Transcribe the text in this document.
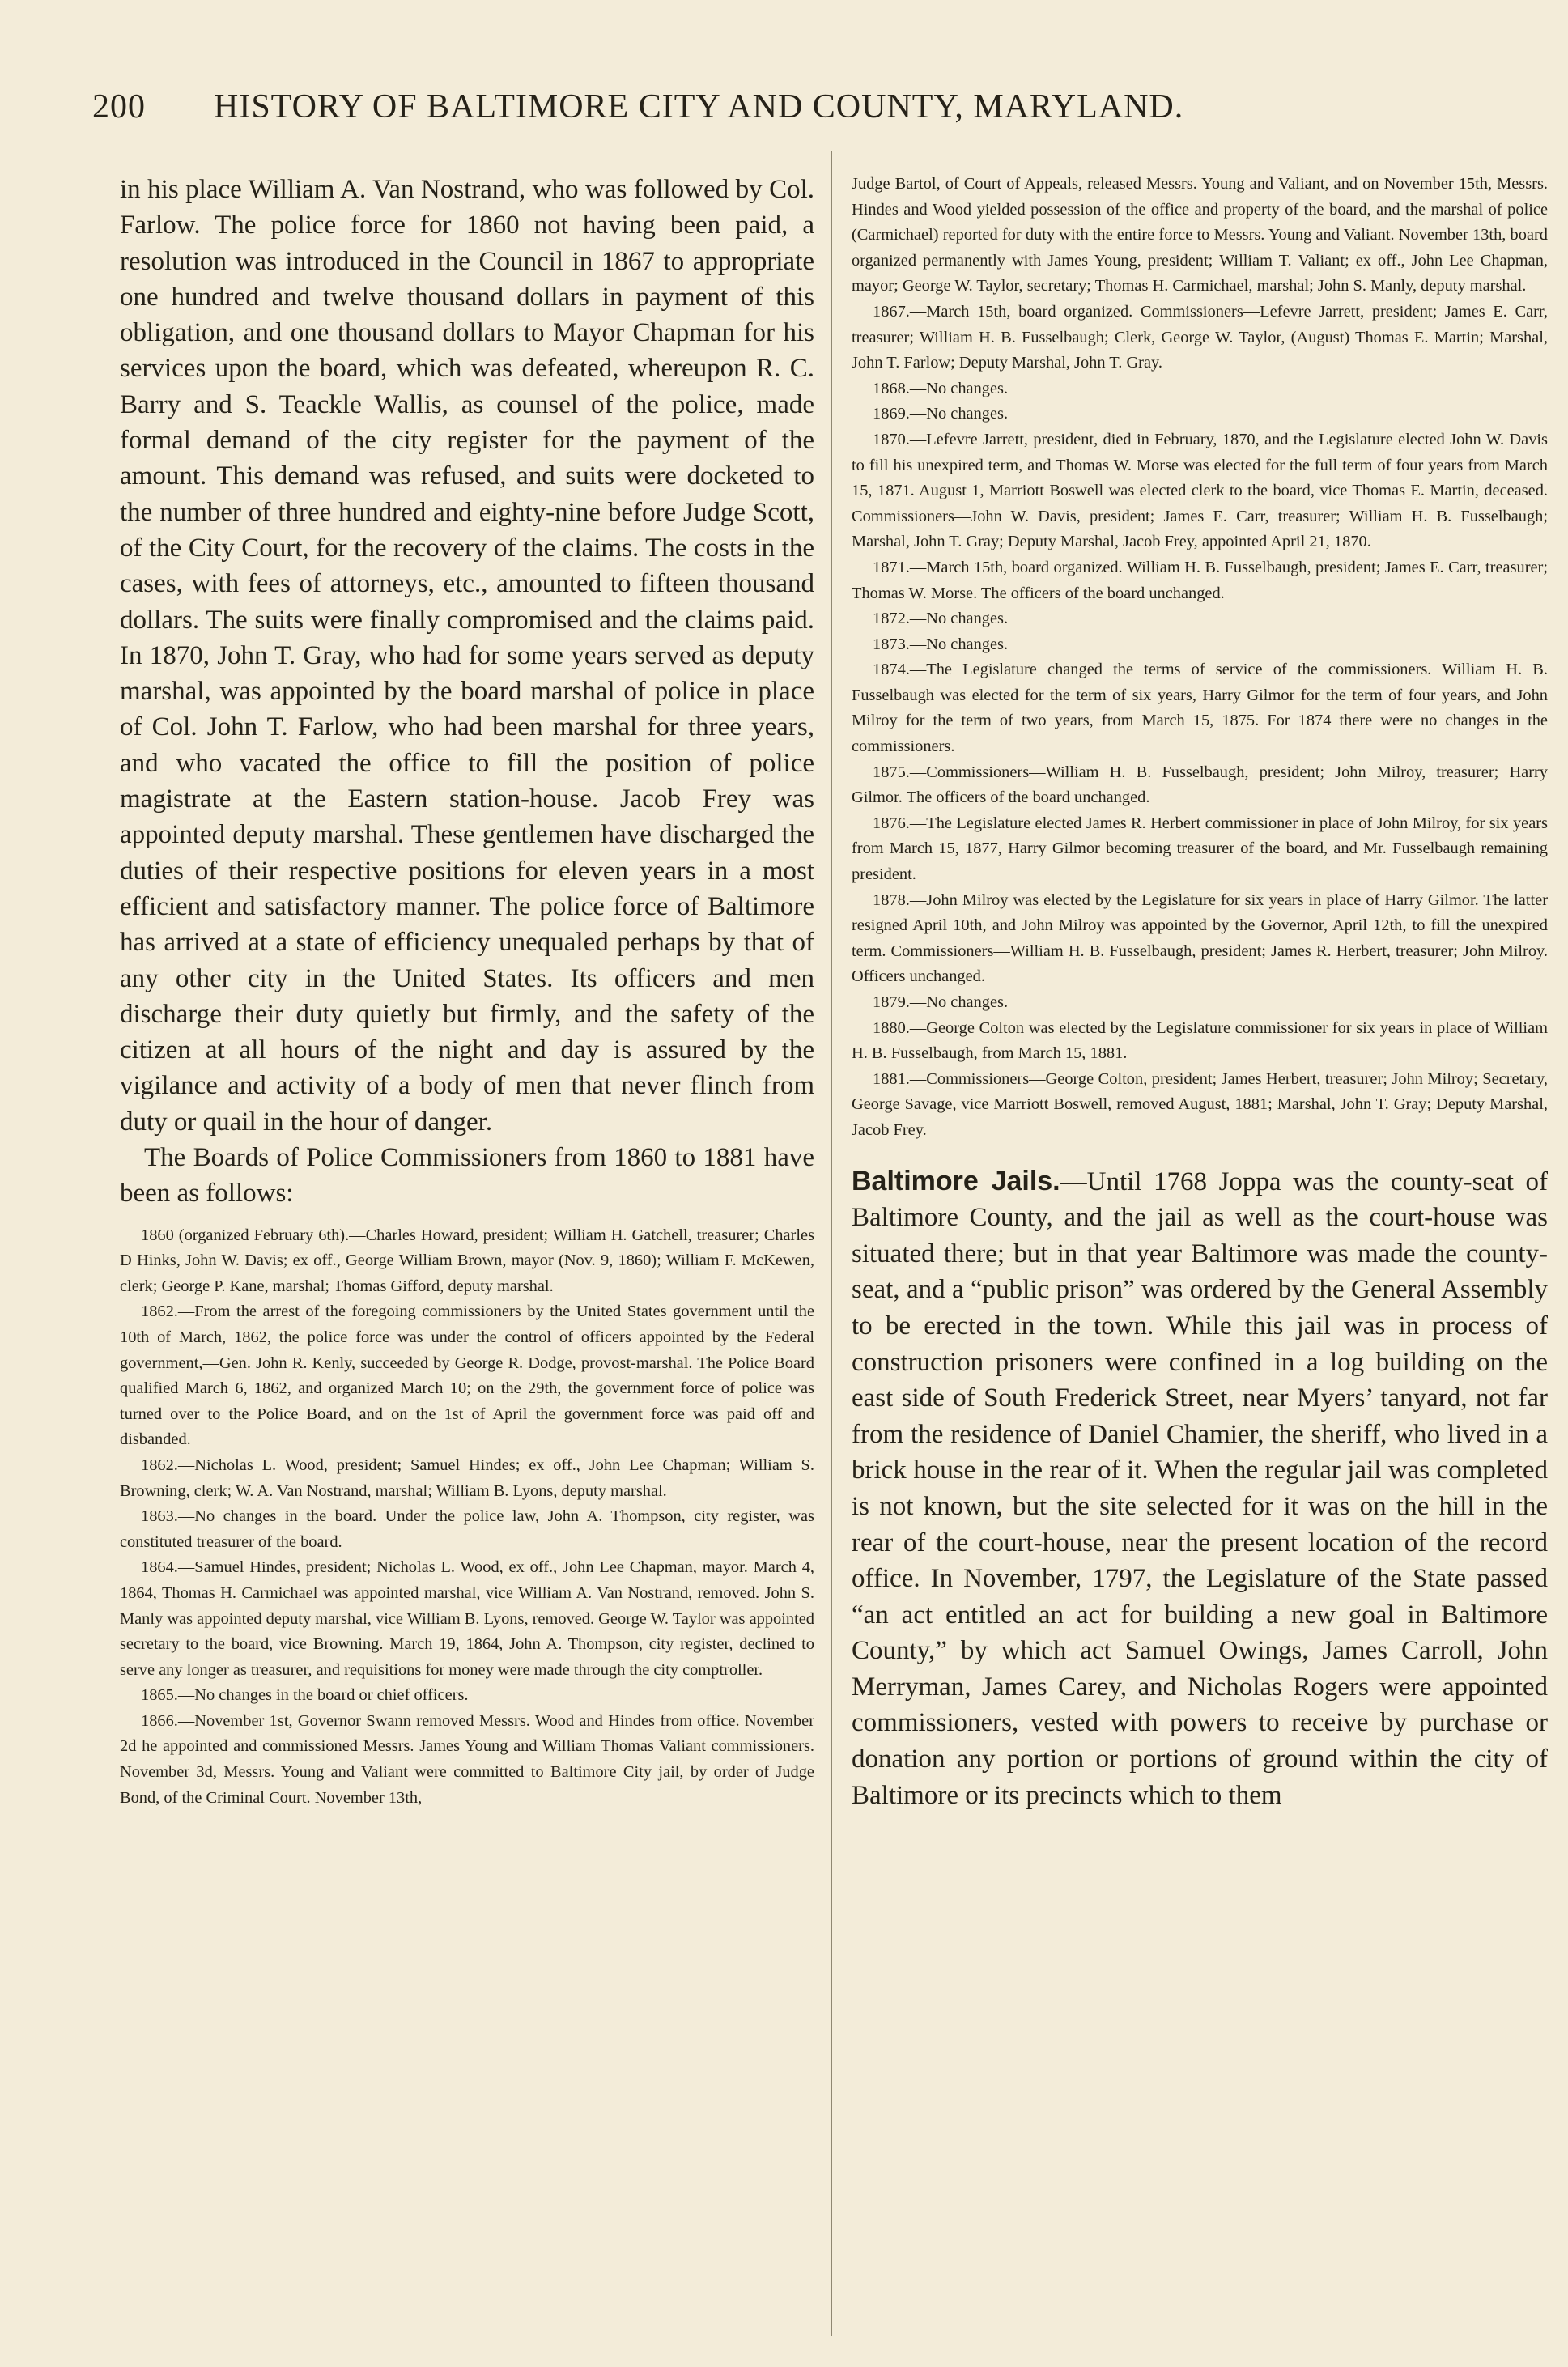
200 HISTORY OF BALTIMORE CITY AND COUNTY, MARYLAND.

in his place William A. Van Nostrand, who was followed by Col. Farlow. The police force for 1860 not having been paid, a resolution was introduced in the Council in 1867 to appropriate one hundred and twelve thousand dollars in payment of this obligation, and one thousand dollars to Mayor Chapman for his services upon the board, which was defeated, whereupon R. C. Barry and S. Teackle Wallis, as counsel of the police, made formal demand of the city register for the payment of the amount. This demand was refused, and suits were docketed to the number of three hundred and eighty-nine before Judge Scott, of the City Court, for the recovery of the claims. The costs in the cases, with fees of attorneys, etc., amounted to fifteen thousand dollars. The suits were finally compromised and the claims paid. In 1870, John T. Gray, who had for some years served as deputy marshal, was appointed by the board marshal of police in place of Col. John T. Farlow, who had been marshal for three years, and who vacated the office to fill the position of police magistrate at the Eastern station-house. Jacob Frey was appointed deputy marshal. These gentlemen have discharged the duties of their respective positions for eleven years in a most efficient and satisfactory manner. The police force of Baltimore has arrived at a state of efficiency unequaled perhaps by that of any other city in the United States. Its officers and men discharge their duty quietly but firmly, and the safety of the citizen at all hours of the night and day is assured by the vigilance and activity of a body of men that never flinch from duty or quail in the hour of danger.

The Boards of Police Commissioners from 1860 to 1881 have been as follows:

1860 (organized February 6th).—Charles Howard, president; William H. Gatchell, treasurer; Charles D Hinks, John W. Davis; ex off., George William Brown, mayor (Nov. 9, 1860); William F. McKewen, clerk; George P. Kane, marshal; Thomas Gifford, deputy marshal.

1862.—From the arrest of the foregoing commissioners by the United States government until the 10th of March, 1862, the police force was under the control of officers appointed by the Federal government,—Gen. John R. Kenly, succeeded by George R. Dodge, provost-marshal. The Police Board qualified March 6, 1862, and organized March 10; on the 29th, the government force of police was turned over to the Police Board, and on the 1st of April the government force was paid off and disbanded.

1862.—Nicholas L. Wood, president; Samuel Hindes; ex off., John Lee Chapman; William S. Browning, clerk; W. A. Van Nostrand, marshal; William B. Lyons, deputy marshal.

1863.—No changes in the board. Under the police law, John A. Thompson, city register, was constituted treasurer of the board.

1864.—Samuel Hindes, president; Nicholas L. Wood, ex off., John Lee Chapman, mayor. March 4, 1864, Thomas H. Carmichael was appointed marshal, vice William A. Van Nostrand, removed. John S. Manly was appointed deputy marshal, vice William B. Lyons, removed. George W. Taylor was appointed secretary to the board, vice Browning. March 19, 1864, John A. Thompson, city register, declined to serve any longer as treasurer, and requisitions for money were made through the city comptroller.

1865.—No changes in the board or chief officers.

1866.—November 1st, Governor Swann removed Messrs. Wood and Hindes from office. November 2d he appointed and commissioned Messrs. James Young and William Thomas Valiant commissioners. November 3d, Messrs. Young and Valiant were committed to Baltimore City jail, by order of Judge Bond, of the Criminal Court. November 13th,

Judge Bartol, of Court of Appeals, released Messrs. Young and Valiant, and on November 15th, Messrs. Hindes and Wood yielded possession of the office and property of the board, and the marshal of police (Carmichael) reported for duty with the entire force to Messrs. Young and Valiant. November 13th, board organized permanently with James Young, president; William T. Valiant; ex off., John Lee Chapman, mayor; George W. Taylor, secretary; Thomas H. Carmichael, marshal; John S. Manly, deputy marshal.

1867.—March 15th, board organized. Commissioners—Lefevre Jarrett, president; James E. Carr, treasurer; William H. B. Fusselbaugh; Clerk, George W. Taylor, (August) Thomas E. Martin; Marshal, John T. Farlow; Deputy Marshal, John T. Gray.

1868.—No changes.

1869.—No changes.

1870.—Lefevre Jarrett, president, died in February, 1870, and the Legislature elected John W. Davis to fill his unexpired term, and Thomas W. Morse was elected for the full term of four years from March 15, 1871. August 1, Marriott Boswell was elected clerk to the board, vice Thomas E. Martin, deceased. Commissioners—John W. Davis, president; James E. Carr, treasurer; William H. B. Fusselbaugh; Marshal, John T. Gray; Deputy Marshal, Jacob Frey, appointed April 21, 1870.

1871.—March 15th, board organized. William H. B. Fusselbaugh, president; James E. Carr, treasurer; Thomas W. Morse. The officers of the board unchanged.

1872.—No changes.

1873.—No changes.

1874.—The Legislature changed the terms of service of the commissioners. William H. B. Fusselbaugh was elected for the term of six years, Harry Gilmor for the term of four years, and John Milroy for the term of two years, from March 15, 1875. For 1874 there were no changes in the commissioners.

1875.—Commissioners—William H. B. Fusselbaugh, president; John Milroy, treasurer; Harry Gilmor. The officers of the board unchanged.

1876.—The Legislature elected James R. Herbert commissioner in place of John Milroy, for six years from March 15, 1877, Harry Gilmor becoming treasurer of the board, and Mr. Fusselbaugh remaining president.

1878.—John Milroy was elected by the Legislature for six years in place of Harry Gilmor. The latter resigned April 10th, and John Milroy was appointed by the Governor, April 12th, to fill the unexpired term. Commissioners—William H. B. Fusselbaugh, president; James R. Herbert, treasurer; John Milroy. Officers unchanged.

1879.—No changes.

1880.—George Colton was elected by the Legislature commissioner for six years in place of William H. B. Fusselbaugh, from March 15, 1881.

1881.—Commissioners—George Colton, president; James Herbert, treasurer; John Milroy; Secretary, George Savage, vice Marriott Boswell, removed August, 1881; Marshal, John T. Gray; Deputy Marshal, Jacob Frey.

Baltimore Jails.—Until 1768 Joppa was the county-seat of Baltimore County, and the jail as well as the court-house was situated there; but in that year Baltimore was made the county-seat, and a “public prison” was ordered by the General Assembly to be erected in the town. While this jail was in process of construction prisoners were confined in a log building on the east side of South Frederick Street, near Myers’ tanyard, not far from the residence of Daniel Chamier, the sheriff, who lived in a brick house in the rear of it. When the regular jail was completed is not known, but the site selected for it was on the hill in the rear of the court-house, near the present location of the record office. In November, 1797, the Legislature of the State passed “an act entitled an act for building a new goal in Baltimore County,” by which act Samuel Owings, James Carroll, John Merryman, James Carey, and Nicholas Rogers were appointed commissioners, vested with powers to receive by purchase or donation any portion or portions of ground within the city of Baltimore or its precincts which to them
